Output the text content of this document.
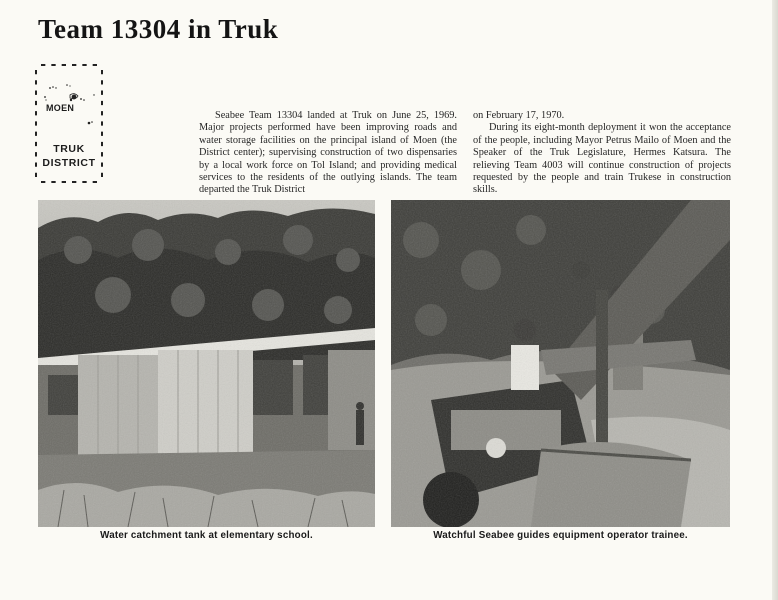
Team 13304 in Truk
MOEN
TRUK
DISTRICT

Seabee Team 13304 landed at Truk on June 25, 1969. Major projects performed have been improving roads and water storage facilities on the principal island of Moen (the District center); supervising construction of two dispensaries by a local work force on Tol Island; and providing medical services to the residents of the outlying islands. The team departed the Truk District

on February 17, 1970.

During its eight-month deployment it won the acceptance of the people, including Mayor Petrus Mailo of Moen and the Speaker of the Truk Legislature, Hermes Katsura. The relieving Team 4003 will continue construction of projects requested by the people and train Trukese in construction skills.

Water catchment tank at elementary school.	Watchful Seabee guides equipment operator trainee.
